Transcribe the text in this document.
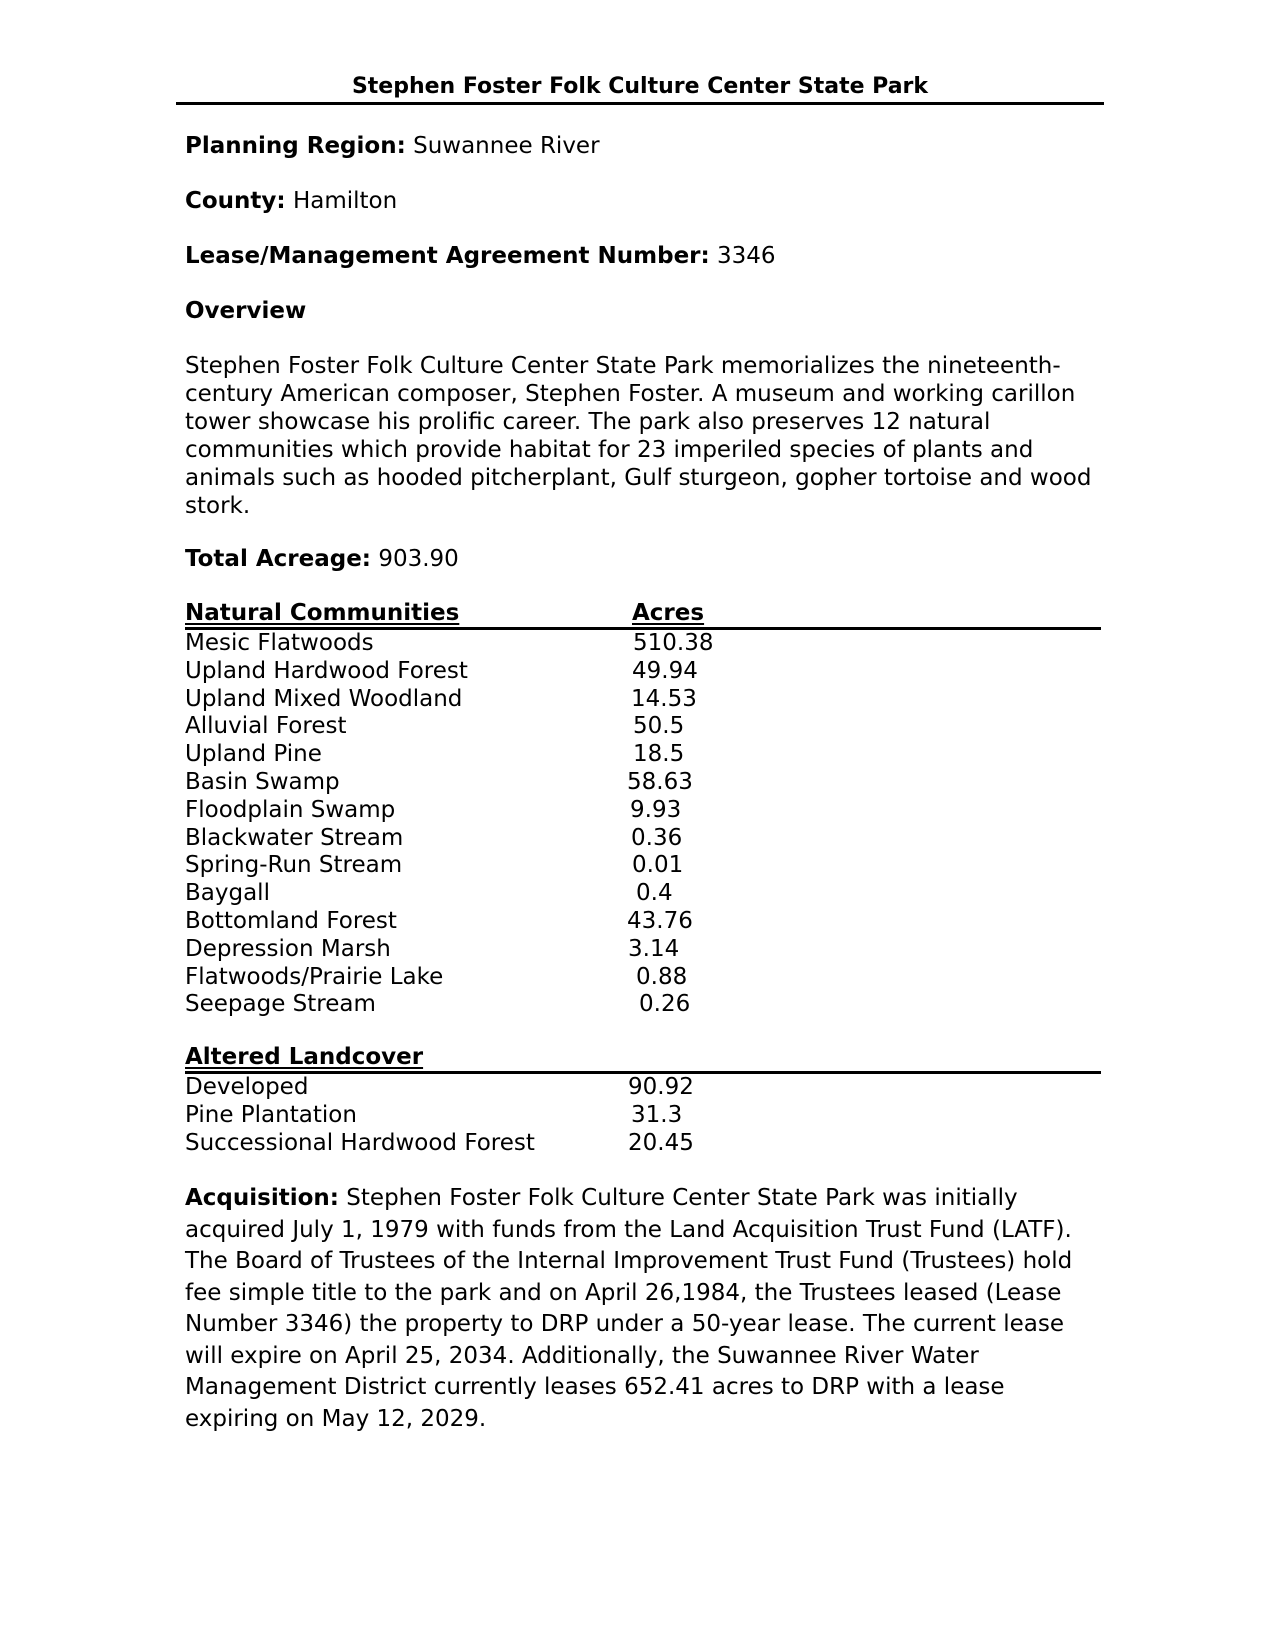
Stephen Foster Folk Culture Center State Park
Planning Region: Suwannee River
County: Hamilton
Lease/Management Agreement Number: 3346
Overview
Stephen Foster Folk Culture Center State Park memorializes the nineteenth-century American composer, Stephen Foster. A museum and working carillon tower showcase his prolific career. The park also preserves 12 natural communities which provide habitat for 23 imperiled species of plants and animals such as hooded pitcherplant, Gulf sturgeon, gopher tortoise and wood stork.
Total Acreage: 903.90
Natural Communities	Acres
Mesic Flatwoods	510.38
Upland Hardwood Forest	49.94
Upland Mixed Woodland	14.53
Alluvial Forest	50.5
Upland Pine	18.5
Basin Swamp	58.63
Floodplain Swamp	9.93
Blackwater Stream	0.36
Spring-Run Stream	0.01
Baygall	0.4
Bottomland Forest	43.76
Depression Marsh	3.14
Flatwoods/Prairie Lake	0.88
Seepage Stream	0.26
Altered Landcover
Developed	90.92
Pine Plantation	31.3
Successional Hardwood Forest	20.45
Acquisition: Stephen Foster Folk Culture Center State Park was initially acquired July 1, 1979 with funds from the Land Acquisition Trust Fund (LATF). The Board of Trustees of the Internal Improvement Trust Fund (Trustees) hold fee simple title to the park and on April 26,1984, the Trustees leased (Lease Number 3346) the property to DRP under a 50-year lease. The current lease will expire on April 25, 2034. Additionally, the Suwannee River Water Management District currently leases 652.41 acres to DRP with a lease expiring on May 12, 2029.
